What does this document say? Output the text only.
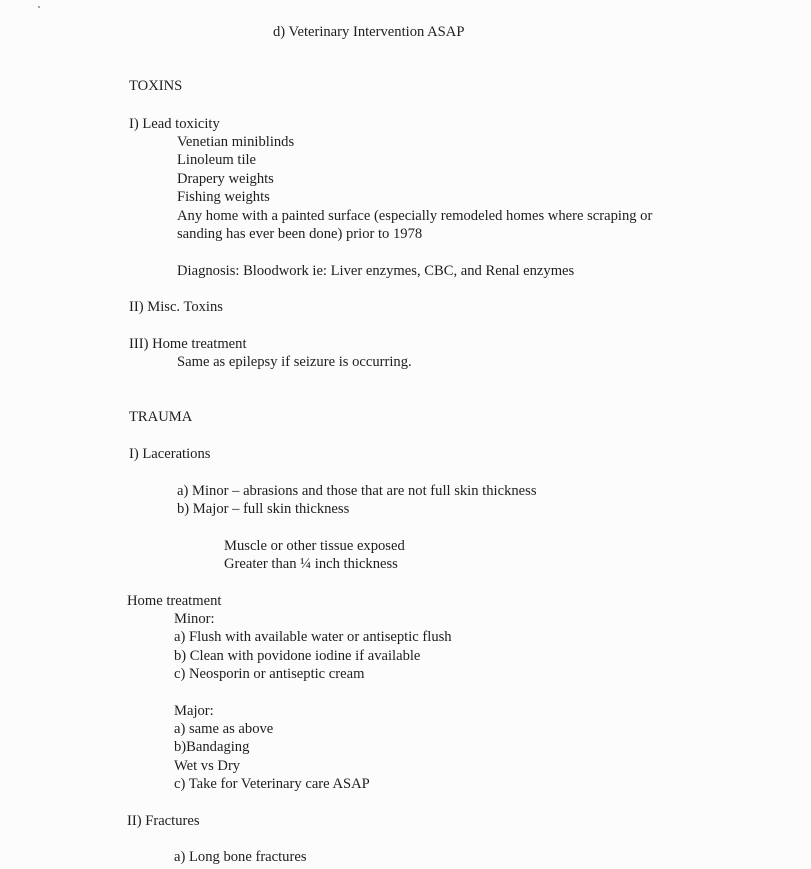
d) Veterinary Intervention ASAP
TOXINS
I) Lead toxicity
Venetian miniblinds
Linoleum tile
Drapery weights
Fishing weights
Any home with a painted surface (especially remodeled homes where scraping or
sanding has ever been done) prior to 1978
Diagnosis: Bloodwork ie: Liver enzymes, CBC, and Renal enzymes
II) Misc. Toxins
III) Home treatment
Same as epilepsy if seizure is occurring.
TRAUMA
I) Lacerations
a) Minor – abrasions and those that are not full skin thickness
b) Major – full skin thickness
Muscle or other tissue exposed
Greater than ¼ inch thickness
Home treatment
Minor:
a) Flush with available water or antiseptic flush
b) Clean with povidone iodine if available
c) Neosporin or antiseptic cream
Major:
a) same as above
b)Bandaging
Wet vs Dry
c) Take for Veterinary care ASAP
II) Fractures
a) Long bone fractures
